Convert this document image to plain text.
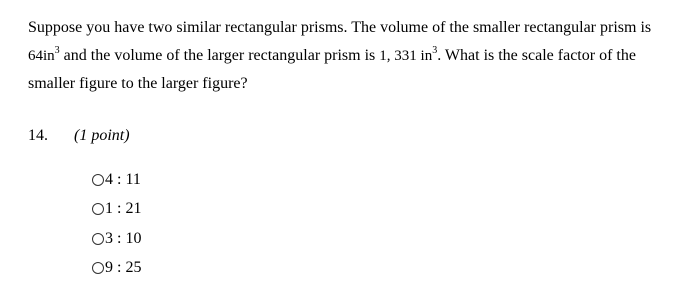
Suppose you have two similar rectangular prisms. The volume of the smaller rectangular prism is
$64in^3$ and the volume of the larger rectangular prism is 1, 331 $in^3$. What is the scale factor of the smaller figure to the larger figure?
14. (1 point)
4 : 11
1 : 21
3 : 10
9 : 25
